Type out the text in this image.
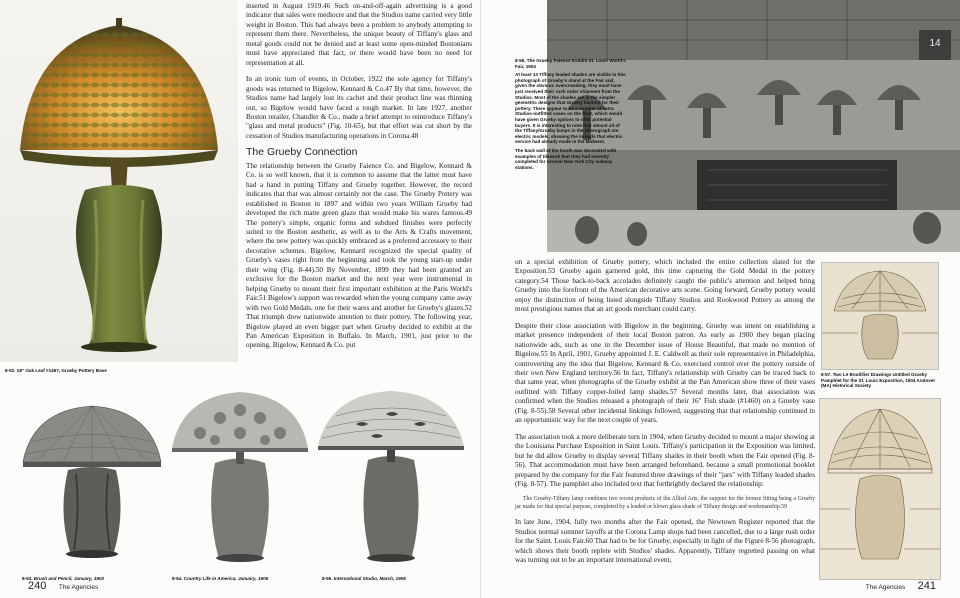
8-52. 18" Oak Leaf #1467, Grueby Pottery Base

inserted in August 1919.46 Such on-and-off-again advertising is a good indicator that sales were mediocre and that the Studios name carried very little weight in Boston. This had always been a problem to anybody attempting to represent them there. Nevertheless, the unique beauty of Tiffany's glass and metal goods could not be denied and at least some open-minded Bostonians must have appreciated that fact, or there would have been no need for representation at all.

In an ironic turn of events, in October, 1922 the sole agency for Tiffany's goods was returned to Bigelow, Kennard & Co.47 By that time, however, the Studios name had largely lost its cachet and their product line was thinning out, so Bigelow would have faced a tough market. In late 1927, another Boston retailer, Chandler & Co., made a brief attempt to reintroduce Tiffany's "glass and metal products" (Fig. 10-65), but that effort was cut short by the cessation of Studios manufacturing operations in Corona.48

The Grueby Connection

The relationship between the Grueby Faience Co. and Bigelow, Kennard & Co. is so well known, that it is common to assume that the latter must have had a hand in putting Tiffany and Grueby together. However, the record indicates that that was almost certainly not the case. The Grueby Pottery was established in Boston in 1897 and within two years William Grueby had developed the rich matte green glaze that would make his wares famous.49 The pottery's simple, organic forms and subdued finishes were perfectly suited to the Boston aesthetic, as well as to the Arts & Crafts movement, where the new pottery was quickly embraced as a preferred accessory to their decorative schemes. Bigelow, Kennard recognized the special quality of Grueby's vases right from the beginning and took the young start-up under their wing (Fig. 8-44).50 By November, 1899 they had been granted an exclusive for the Boston market and the next year were instrumental in helping Grueby to mount their first important exhibition at the Paris World's Fair.51 Bigelow's support was rewarded when the young company came away with two Gold Medals, one for their wares and another for Grueby's glazes.52 That triumph drew nationwide attention to their pottery. The following year, Bigelow played an even bigger part when Grueby decided to exhibit at the Pan American Exposition in Buffalo. In March, 1901, just prior to the opening, Bigelow, Kennard & Co. put

8-53. Brush and Pencil, January, 1902	8-54. Country Life in America, January, 1906	8-55. International Studio, March, 1906
240 The Agencies
14

8-56. The Grueby Faience Exhibit St. Louis World's Fair, 1904

At least 13 Tiffany leaded shades are visible in this photograph of Grueby's stand at the Fair and, given the obvious overcrowding, they must have just received their rush order shipment from the Studios. Most of the shades are in the simpler geometric designs that Grueby favored for their pottery. There appear to be a number of extra Studios-outfitted vases on the floor, which would have given Grueby options to offer potential buyers. It is interesting to note that almost all of the Tiffany/Grueby lamps in the photograph are electric models, showing the inroads that electric service had already made in the Midwest.

The back wall of the booth was decorated with examples of tilework that they had recently completed for several New York City subway stations.

on a special exhibition of Grueby pottery, which included the entire collection slated for the Exposition.53 Grueby again garnered gold, this time capturing the Gold Medal in the pottery category.54 Those back-to-back accolades definitely caught the public's attention and helped bring Grueby into the forefront of the American decorative arts scene. Going forward, Grueby pottery would enjoy the distinction of being listed alongside Tiffany Studios and Rookwood Pottery as among the most prestigious names that an art goods merchant could carry.

Despite their close association with Bigelow in the beginning, Grueby was intent on establishing a market presence independent of their local Boston patron. As early as 1900 they began placing nationwide ads, such as one in the December issue of House Beautiful, that made no mention of Bigelow.55 In April, 1901, Grueby appointed J. E. Caldwell as their sole representative in Philadelphia, controverting any the idea that Bigelow, Kennard & Co. exercised control over the pottery outside of their own New England territory.56 In fact, Tiffany's relationship with Grueby can be traced back to that same year, when photographs of the Grueby exhibit at the Pan American show three of their vases outfitted with Tiffany copper-foiled lamp shades.57 Several months later, that association was confirmed when the Studios released a photograph of their 16" Fish shade (#1460) on a Grueby vase (Fig. 8-55).58 Several other incidental linkings followed, suggesting that that relationship continued in an opportunistic way for the next couple of years.

The association took a more deliberate turn in 1904, when Grueby decided to mount a major showing at the Louisiana Purchase Exposition in Saint Louis. Tiffany's participation in the Exposition was limited, but he did allow Grueby to display several Tiffany shades in their booth when the Fair opened (Fig. 8-56). That accommodation must have been arranged beforehand, because a small promotional booklet prepared by the company for the Fair featured three drawings of their "jars" with Tiffany leaded shades (Fig. 8-57). The pamphlet also included text that forthrightly declared the relationship:

The Grueby-Tiffany lamp combines two recent products of the Allied Arts, the support for the bronze fitting being a Grueby jar made for that special purpose, completed by a leaded or blown glass shade of Tiffany design and workmanship.59

In late June, 1904, fully two months after the Fair opened, the Newtown Register reported that the Studios normal summer layoffs at the Corona Lamp shops had been cancelled, due to a large rush order for the Saint. Louis Fair.60 That had to be for Grueby, especially in light of the Figure 8-56 photograph, which shows their booth replete with Studios' shades. Apparently, Tiffany regretted passing on what was turning out to be an important international event,

8-57. Two Le Boutillier Drawings Untitled Grueby Pamphlet for the St. Louis Exposition, 1904 Andover (MA) Historical Society
The Agencies 241
